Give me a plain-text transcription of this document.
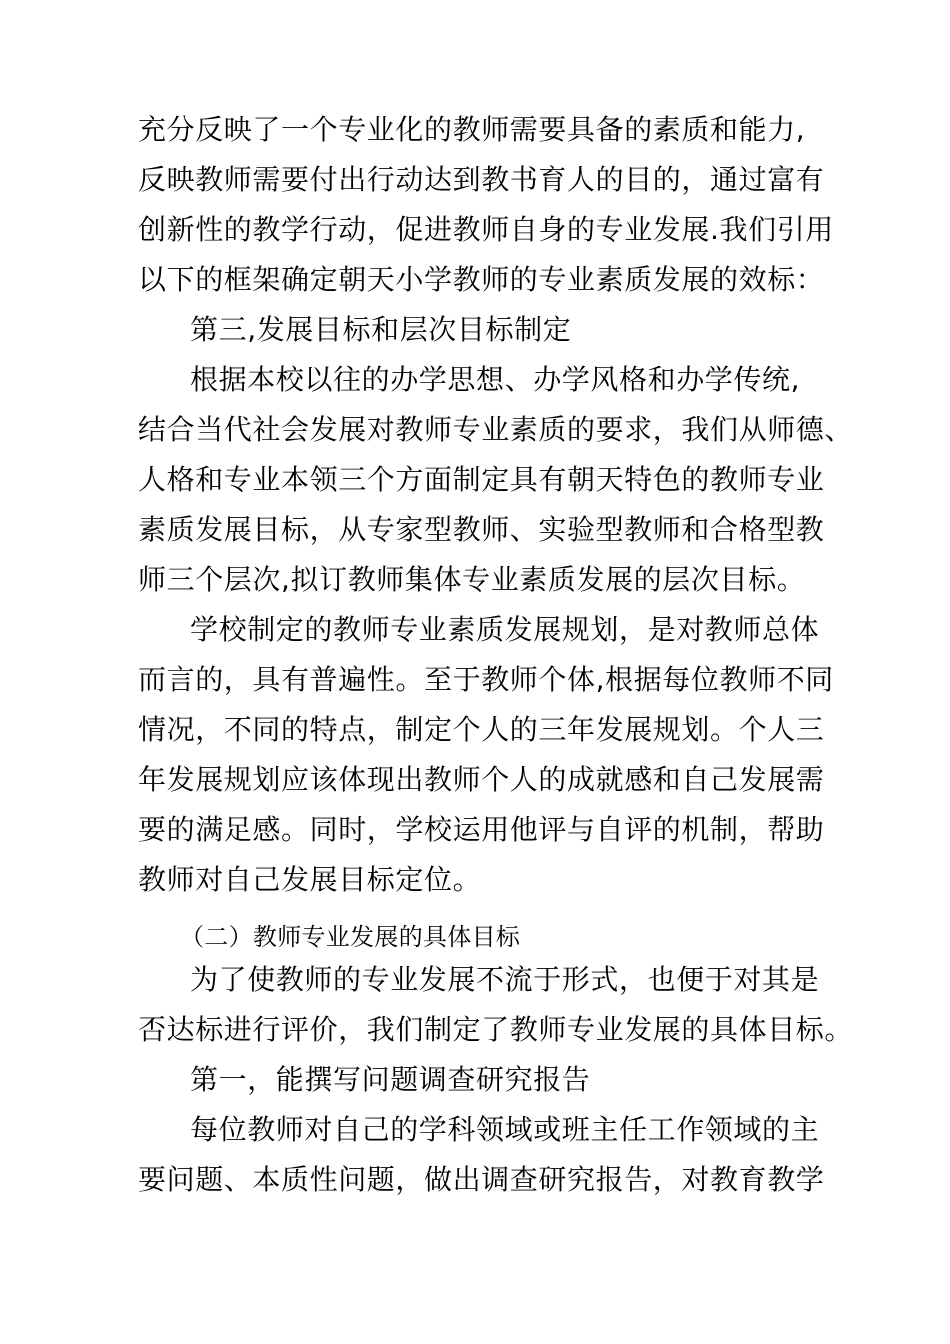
充分反映了一个专业化的教师需要具备的素质和能力,
反映教师需要付出行动达到教书育人的目的，通过富有
创新性的教学行动，促进教师自身的专业发展.我们引用
以下的框架确定朝天小学教师的专业素质发展的效标：
第三,发展目标和层次目标制定
根据本校以往的办学思想、办学风格和办学传统,
结合当代社会发展对教师专业素质的要求，我们从师德、
人格和专业本领三个方面制定具有朝天特色的教师专业
素质发展目标，从专家型教师、实验型教师和合格型教
师三个层次,拟订教师集体专业素质发展的层次目标。
学校制定的教师专业素质发展规划，是对教师总体
而言的，具有普遍性。至于教师个体,根据每位教师不同
情况，不同的特点，制定个人的三年发展规划。个人三
年发展规划应该体现出教师个人的成就感和自己发展需
要的满足感。同时，学校运用他评与自评的机制，帮助
教师对自己发展目标定位。
（二）教师专业发展的具体目标
为了使教师的专业发展不流于形式，也便于对其是
否达标进行评价，我们制定了教师专业发展的具体目标。
第一，能撰写问题调查研究报告
每位教师对自己的学科领域或班主任工作领域的主
要问题、本质性问题，做出调查研究报告，对教育教学
